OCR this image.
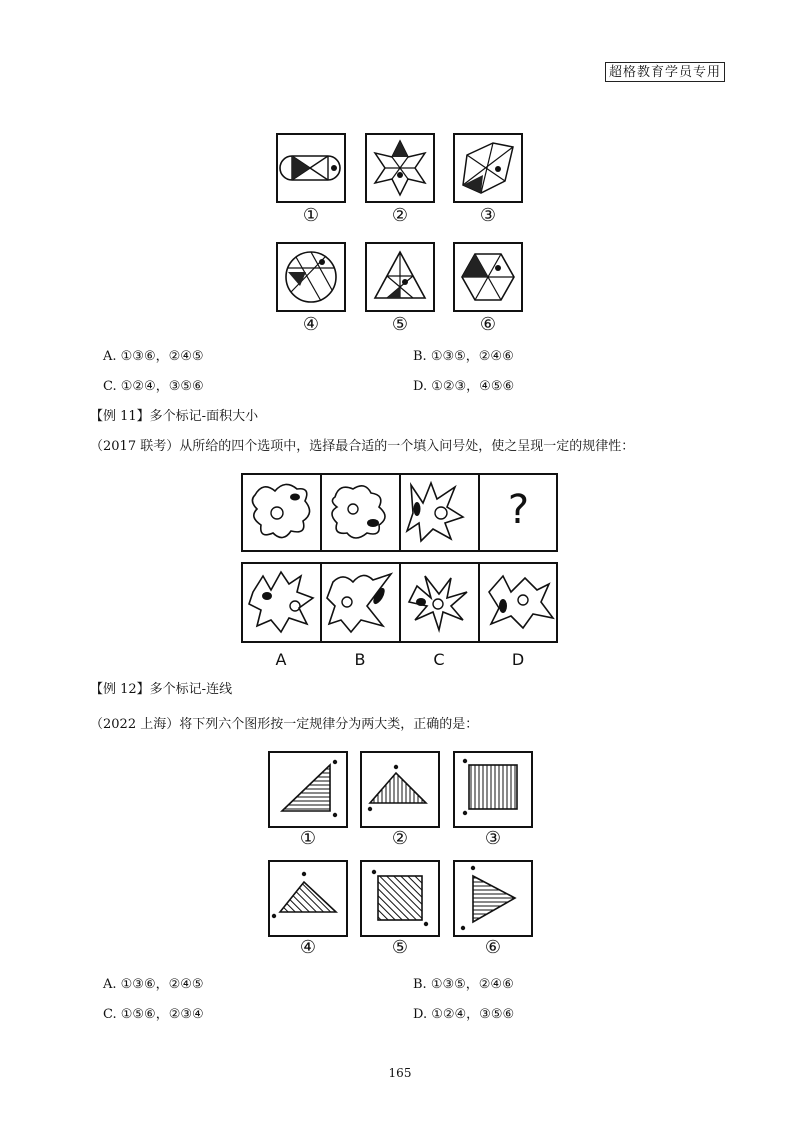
超格教育学员专用
①	②	③
④	⑤	⑥
A. ①③⑥，②④⑤	B. ①③⑤，②④⑥
C. ①②④，③⑤⑥	D. ①②③，④⑤⑥
【例 11】多个标记-面积大小
（2017 联考）从所给的四个选项中，选择最合适的一个填入问号处，使之呈现一定的规律性：
?
A	B	C	D
【例 12】多个标记-连线
（2022 上海）将下列六个图形按一定规律分为两大类，正确的是：
①	②	③
④	⑤	⑥
A. ①③⑥，②④⑤	B. ①③⑤，②④⑥
C. ①⑤⑥，②③④	D. ①②④，③⑤⑥
165
